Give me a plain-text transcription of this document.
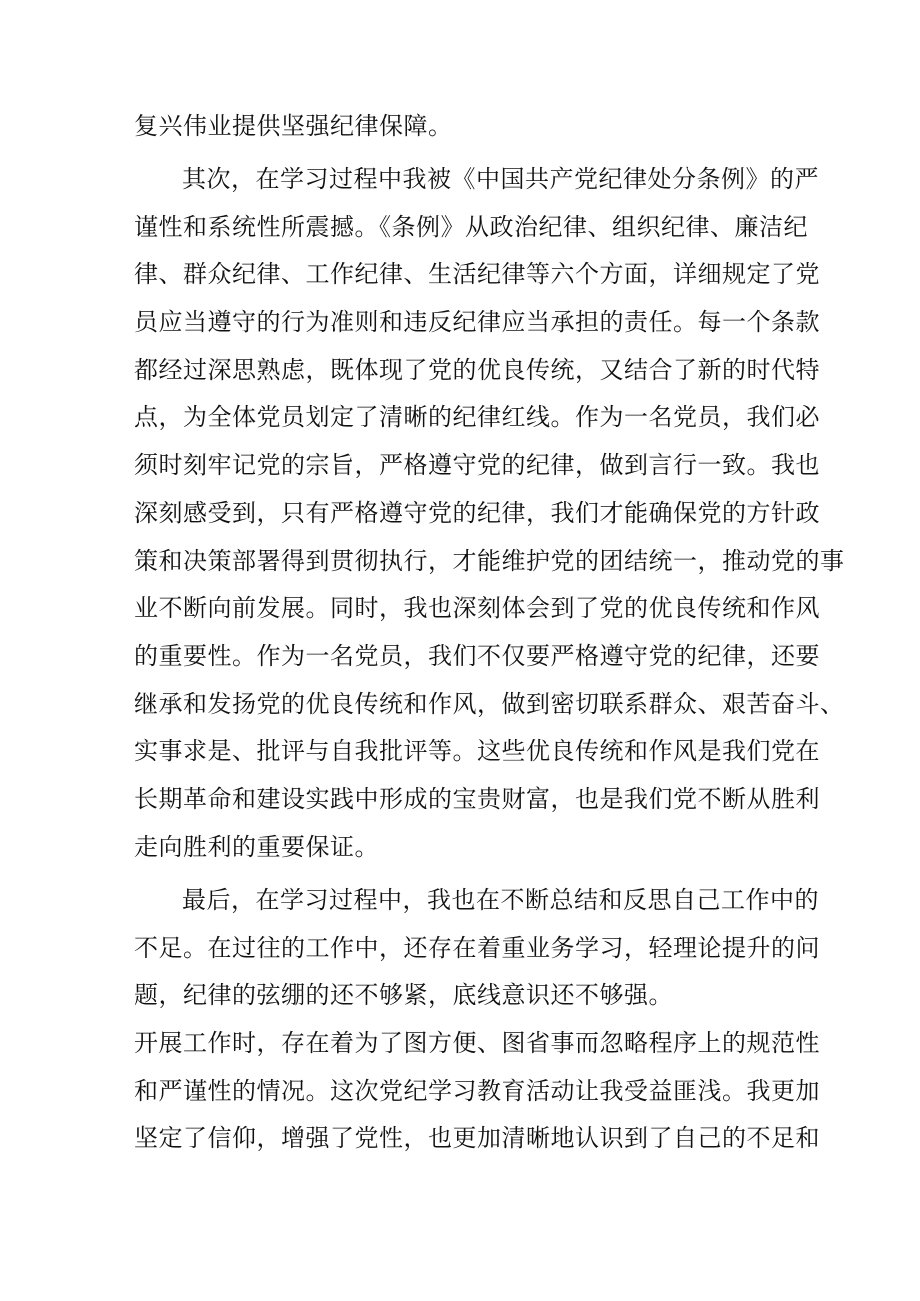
复兴伟业提供坚强纪律保障。
其次，在学习过程中我被《中国共产党纪律处分条例》的严
谨性和系统性所震撼。《条例》从政治纪律、组织纪律、廉洁纪
律、群众纪律、工作纪律、生活纪律等六个方面，详细规定了党
员应当遵守的行为准则和违反纪律应当承担的责任。每一个条款
都经过深思熟虑，既体现了党的优良传统，又结合了新的时代特
点，为全体党员划定了清晰的纪律红线。作为一名党员，我们必
须时刻牢记党的宗旨，严格遵守党的纪律，做到言行一致。我也
深刻感受到，只有严格遵守党的纪律，我们才能确保党的方针政
策和决策部署得到贯彻执行，才能维护党的团结统一，推动党的事
业不断向前发展。同时，我也深刻体会到了党的优良传统和作风
的重要性。作为一名党员，我们不仅要严格遵守党的纪律，还要
继承和发扬党的优良传统和作风，做到密切联系群众、艰苦奋斗、
实事求是、批评与自我批评等。这些优良传统和作风是我们党在
长期革命和建设实践中形成的宝贵财富，也是我们党不断从胜利
走向胜利的重要保证。
最后，在学习过程中，我也在不断总结和反思自己工作中的
不足。在过往的工作中，还存在着重业务学习，轻理论提升的问
题，纪律的弦绷的还不够紧，底线意识还不够强。
开展工作时，存在着为了图方便、图省事而忽略程序上的规范性
和严谨性的情况。这次党纪学习教育活动让我受益匪浅。我更加
坚定了信仰，增强了党性，也更加清晰地认识到了自己的不足和
